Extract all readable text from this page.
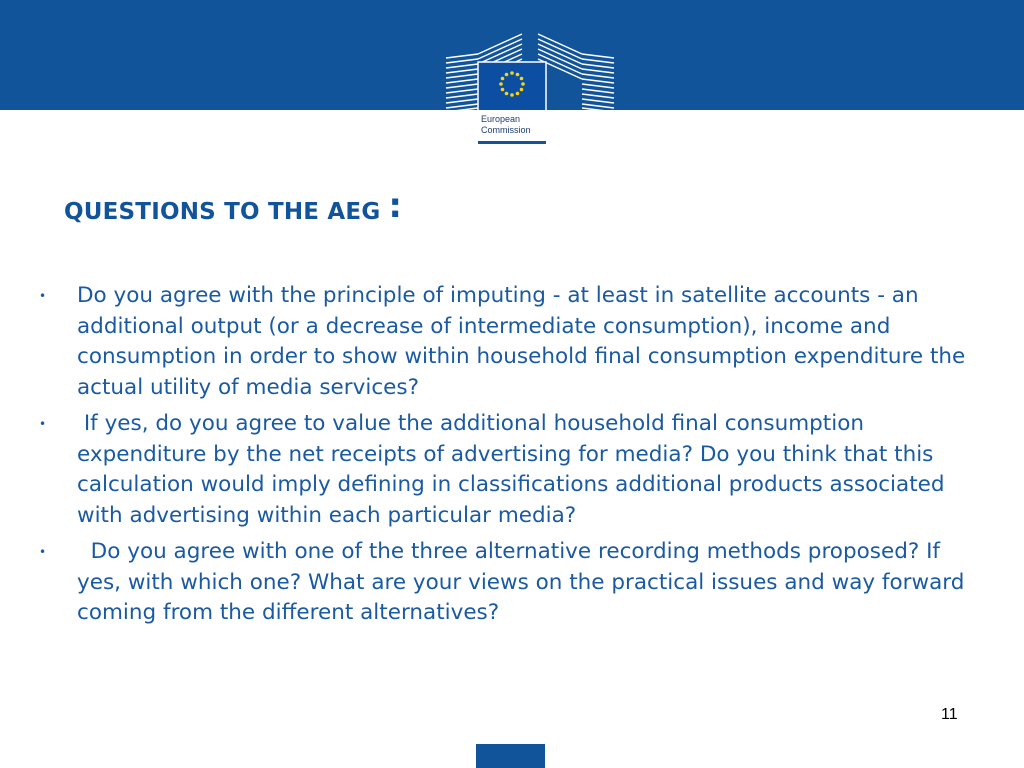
European
Commission
QUESTIONS TO THE AEG :
• Do you agree with the principle of imputing - at least in satellite accounts - an additional output (or a decrease of intermediate consumption), income and consumption in order to show within household final consumption expenditure the actual utility of media services?
• If yes, do you agree to value the additional household final consumption expenditure by the net receipts of advertising for media? Do you think that this calculation would imply defining in classifications additional products associated with advertising within each particular media?
• Do you agree with one of the three alternative recording methods proposed? If yes, with which one? What are your views on the practical issues and way forward coming from the different alternatives?
11
